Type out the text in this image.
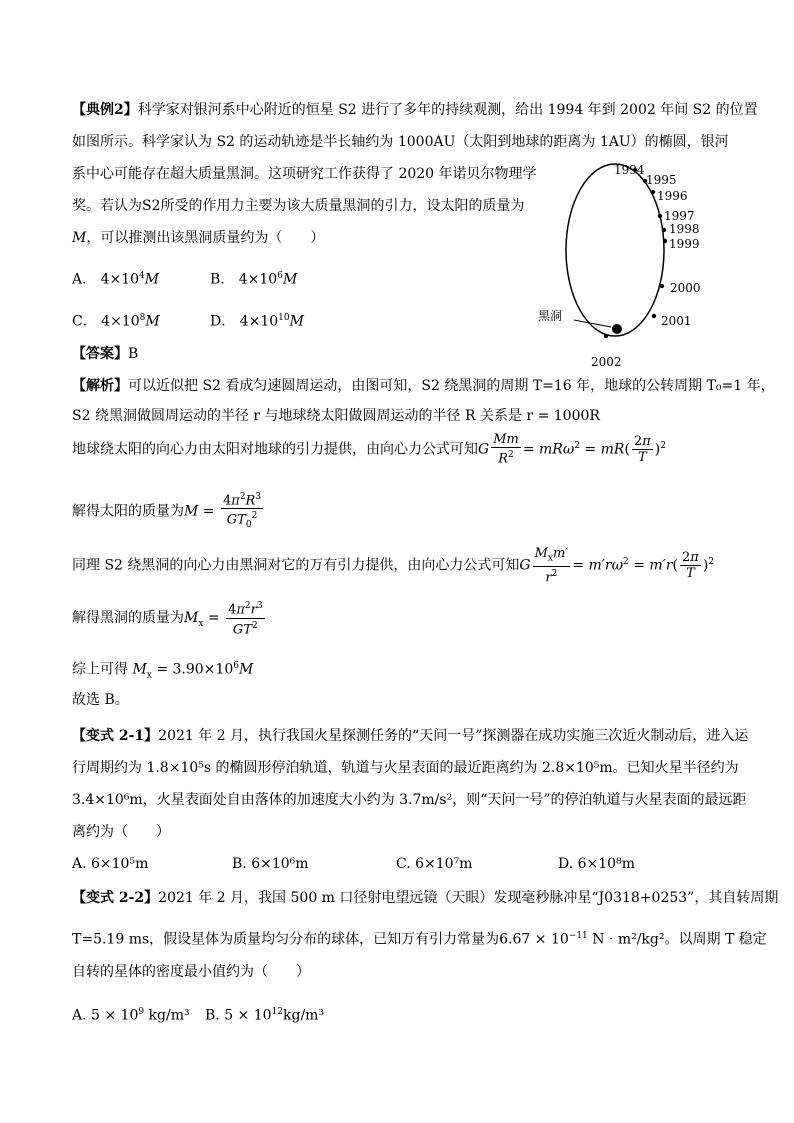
【典例2】科学家对银河系中心附近的恒星 S2 进行了多年的持续观测，给出 1994 年到 2002 年间 S2 的位置
如图所示。科学家认为 S2 的运动轨迹是半长轴约为 1000AU（太阳到地球的距离为 1AU）的椭圆，银河
系中心可能存在超大质量黑洞。这项研究工作获得了 2020 年诺贝尔物理学
奖。若认为S2所受的作用力主要为该大质量黑洞的引力，设太阳的质量为
M，可以推测出该黑洞质量约为（　　）
A． $4\times 10^4M$	B． $4\times 10^6M$
C． $4\times 10^8M$	D． $4\times 10^{10}M$
【答案】B
1994
1995
1996
1997
1998
1999
2000
2001
2002
黑洞
【解析】可以近似把 S2 看成匀速圆周运动，由图可知，S2 绕黑洞的周期 T=16 年，地球的公转周期 T₀=1 年，
S2 绕黑洞做圆周运动的半径 r 与地球绕太阳做圆周运动的半径 R 关系是 r = 1000R
地球绕太阳的向心力由太阳对地球的引力提供，由向心力公式可知G $\frac{Mm}{R^2} = mR\omega^2 = mR( \frac{2\pi}{T} )^2$
解得太阳的质量为$M = \frac{4\pi^2R^3}{GT_0^2}$
同理 S2 绕黑洞的向心力由黑洞对它的万有引力提供，由向心力公式可知G $\frac{M_xm'}{r^2} = m'r\omega^2 = m'r( \frac{2\pi}{T} )^2$
解得黑洞的质量为$M_x = \frac{4\pi^2r^3}{GT^2}$
综上可得 $M_x = 3.90\times 10^6M$
故选 B。
【变式 2-1】2021 年 2 月，执行我国火星探测任务的“天问一号”探测器在成功实施三次近火制动后，进入运
行周期约为 1.8×10⁵s 的椭圆形停泊轨道，轨道与火星表面的最近距离约为 2.8×10⁵m。已知火星半径约为
3.4×10⁶m，火星表面处自由落体的加速度大小约为 3.7m/s²，则“天问一号”的停泊轨道与火星表面的最远距
离约为（　　）
A. 6×10⁵m	B. 6×10⁶m	C. 6×10⁷m	D. 6×10⁸m
【变式 2-2】2021 年 2 月，我国 500 m 口径射电望远镜（天眼）发现毫秒脉冲星“J0318+0253”，其自转周期
T=5.19 ms，假设星体为质量均匀分布的球体，已知万有引力常量为$6.67 \times 10^{-11}$ N · m²/kg²。以周期 T 稳定
自转的星体的密度最小值约为（　　）
A. $5 \times 10^9$ kg/m³ B. $5 \times 10^{12}kg/m^3$
